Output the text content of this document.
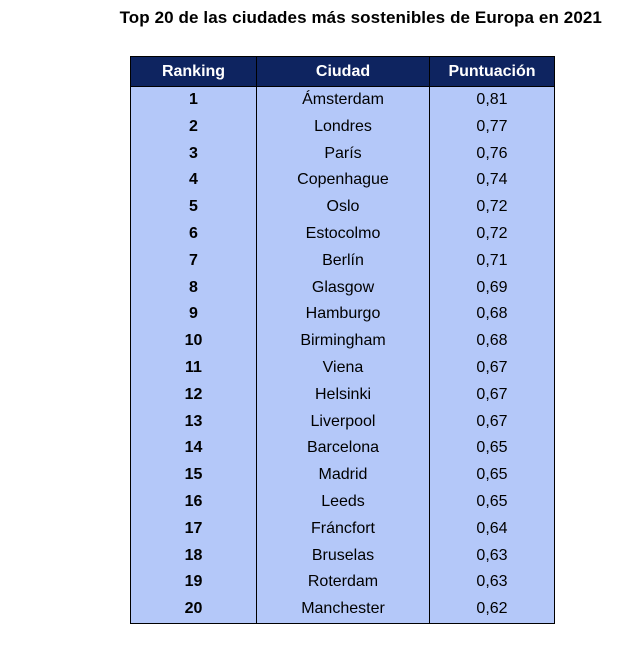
Top 20 de las ciudades más sostenibles de Europa en 2021
Ranking	Ciudad	Puntuación
1	Ámsterdam	0,81
2	Londres	0,77
3	París	0,76
4	Copenhague	0,74
5	Oslo	0,72
6	Estocolmo	0,72
7	Berlín	0,71
8	Glasgow	0,69
9	Hamburgo	0,68
10	Birmingham	0,68
11	Viena	0,67
12	Helsinki	0,67
13	Liverpool	0,67
14	Barcelona	0,65
15	Madrid	0,65
16	Leeds	0,65
17	Fráncfort	0,64
18	Bruselas	0,63
19	Roterdam	0,63
20	Manchester	0,62
